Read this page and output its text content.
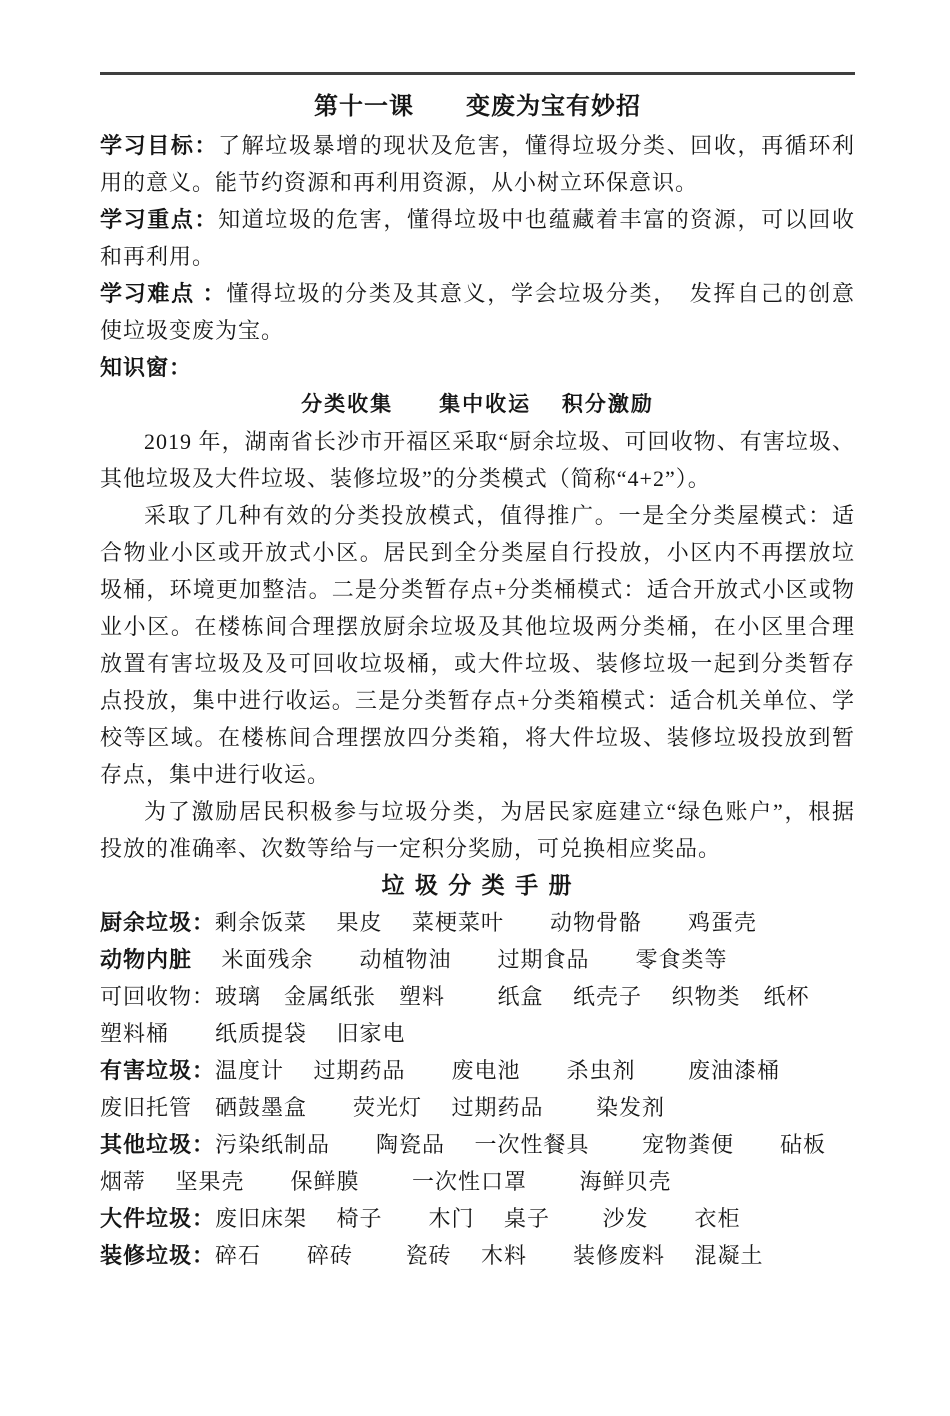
第十一课 变废为宝有妙招

学习目标：了解垃圾暴增的现状及危害，懂得垃圾分类、回收，再循环利用的意义。能节约资源和再利用资源，从小树立环保意识。

学习重点：知道垃圾的危害，懂得垃圾中也蕴藏着丰富的资源，可以回收和再利用。

学习难点 ：懂得垃圾的分类及其意义，学会垃圾分类，　发挥自己的创意使垃圾变废为宝。

知识窗：

分类收集　　集中收运　 积分激励

2019 年，湖南省长沙市开福区采取“厨余垃圾、可回收物、有害垃圾、其他垃圾及大件垃圾、装修垃圾”的分类模式（简称“4+2”）。

采取了几种有效的分类投放模式，值得推广。一是全分类屋模式：适合物业小区或开放式小区。居民到全分类屋自行投放，小区内不再摆放垃圾桶，环境更加整洁。二是分类暂存点+分类桶模式：适合开放式小区或物业小区。在楼栋间合理摆放厨余垃圾及其他垃圾两分类桶，在小区里合理放置有害垃圾及及可回收垃圾桶，或大件垃圾、装修垃圾一起到分类暂存点投放，集中进行收运。三是分类暂存点+分类箱模式：适合机关单位、学校等区域。在楼栋间合理摆放四分类箱，将大件垃圾、装修垃圾投放到暂存点，集中进行收运。

为了激励居民积极参与垃圾分类，为居民家庭建立“绿色账户”，根据投放的准确率、次数等给与一定积分奖励，可兑换相应奖品。

垃 圾 分 类 手 册

厨余垃圾：剩余饭菜　 果皮　 菜梗菜叶　　动物骨骼　　鸡蛋壳

动物内脏　 米面残余　　动植物油　　过期食品　　零食类等

可回收物：玻璃　金属纸张　塑料　　 纸盒　 纸壳子　 织物类　纸杯

塑料桶　　纸质提袋　 旧家电

有害垃圾：温度计　 过期药品　　废电池　　杀虫剂　　 废油漆桶

废旧托管　硒鼓墨盒　　荧光灯　 过期药品　　 染发剂

其他垃圾：污染纸制品　　陶瓷品　 一次性餐具　　 宠物粪便　　砧板

烟蒂　 坚果壳　　保鲜膜　　 一次性口罩　　 海鲜贝壳

大件垃圾：废旧床架　 椅子　　木门　 桌子　　 沙发　　衣柜

装修垃圾：碎石　　碎砖　　 瓷砖　 木料　　装修废料　 混凝土
